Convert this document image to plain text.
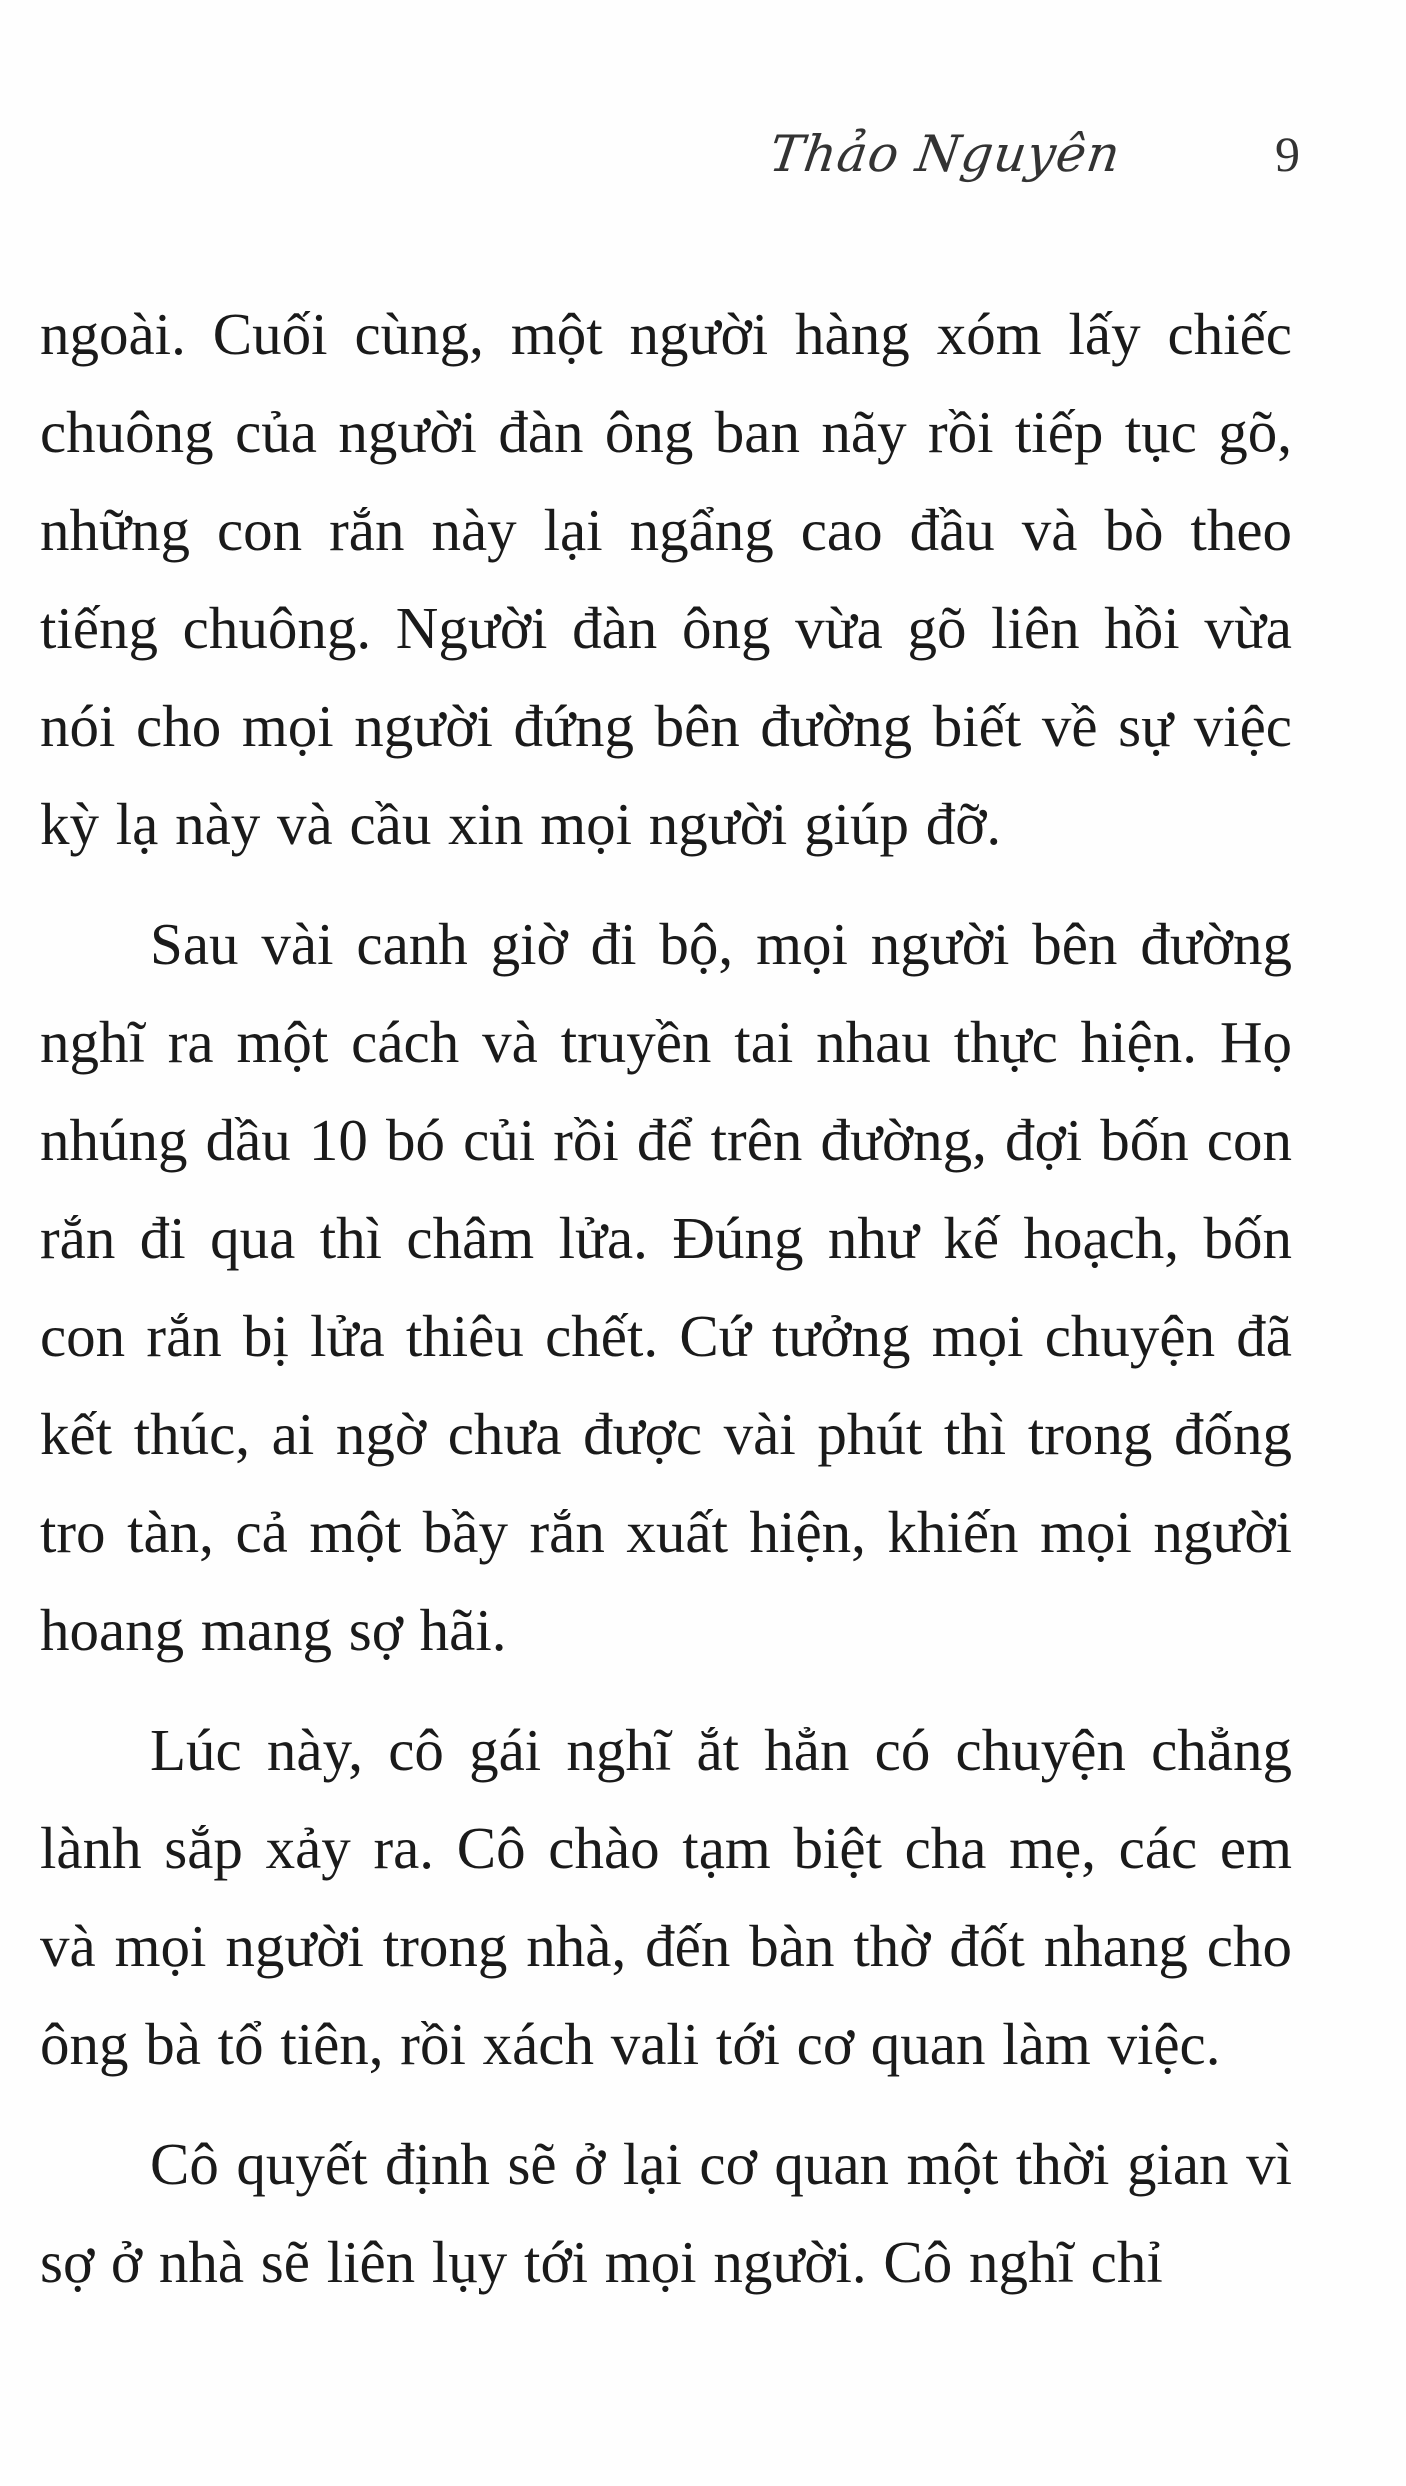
Thảo Nguyên	9

ngoài. Cuối cùng, một người hàng xóm lấy chiếc chuông của người đàn ông ban nãy rồi tiếp tục gõ, những con rắn này lại ngẩng cao đầu và bò theo tiếng chuông. Người đàn ông vừa gõ liên hồi vừa nói cho mọi người đứng bên đường biết về sự việc kỳ lạ này và cầu xin mọi người giúp đỡ.

Sau vài canh giờ đi bộ, mọi người bên đường nghĩ ra một cách và truyền tai nhau thực hiện. Họ nhúng dầu 10 bó củi rồi để trên đường, đợi bốn con rắn đi qua thì châm lửa. Đúng như kế hoạch, bốn con rắn bị lửa thiêu chết. Cứ tưởng mọi chuyện đã kết thúc, ai ngờ chưa được vài phút thì trong đống tro tàn, cả một bầy rắn xuất hiện, khiến mọi người hoang mang sợ hãi.

Lúc này, cô gái nghĩ ắt hẳn có chuyện chẳng lành sắp xảy ra. Cô chào tạm biệt cha mẹ, các em và mọi người trong nhà, đến bàn thờ đốt nhang cho ông bà tổ tiên, rồi xách vali tới cơ quan làm việc.

Cô quyết định sẽ ở lại cơ quan một thời gian vì sợ ở nhà sẽ liên lụy tới mọi người. Cô nghĩ chỉ
